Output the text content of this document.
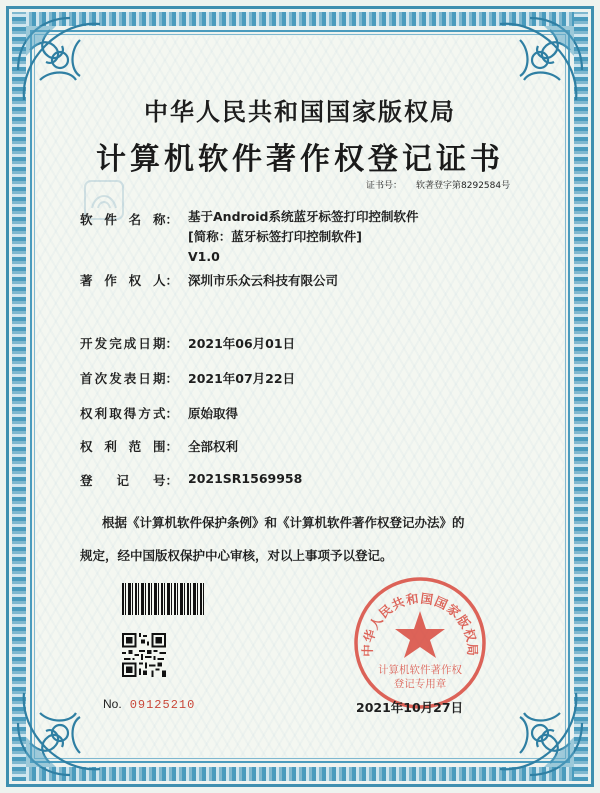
中华人民共和国国家版权局
计算机软件著作权登记证书
证书号： 软著登字第8292584号
软 件 名 称： 基于Android系统蓝牙标签打印控制软件
[简称：蓝牙标签打印控制软件]
V1.0
著 作 权 人： 深圳市乐众云科技有限公司
开 发 完 成 日 期： 2021年06月01日
首 次 发 表 日 期： 2021年07月22日
权 利 取 得 方 式： 原始取得
权 利 范 围： 全部权利
登 记 号： 2021SR1569958
根据《计算机软件保护条例》和《计算机软件著作权登记办法》的
规定，经中国版权保护中心审核，对以上事项予以登记。
No. 09125210
中华人民共和国国家版权局
计算机软件著作权
登记专用章
2021年10月27日
